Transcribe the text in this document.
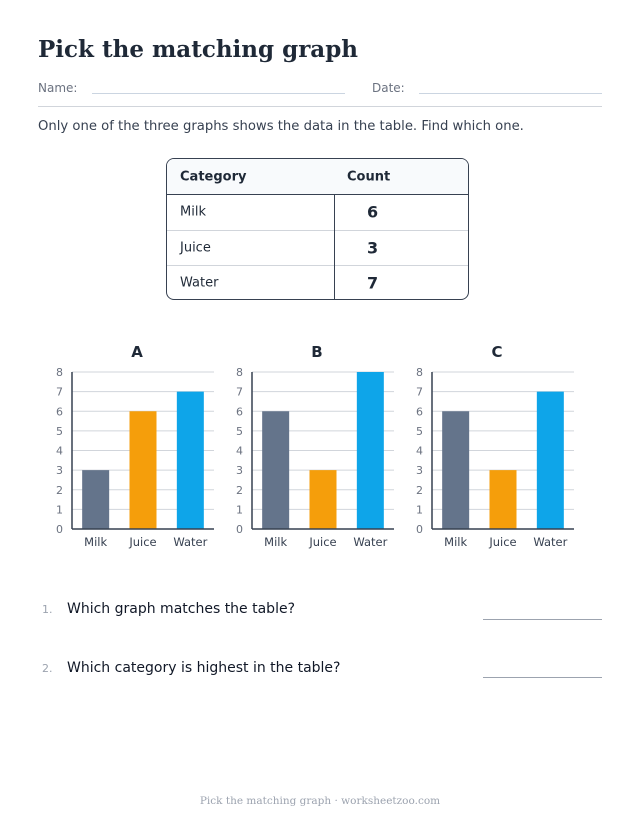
Pick the matching graph
Name:	Date:

Only one of the three graphs shows the data in the table. Find which one.

Category	Count
Milk	6
Juice	3
Water	7
A
0
1
2
3
4
5
6
7
8
Milk Juice Water
B
0
1
2
3
4
5
6
7
8
Milk Juice Water
C
0
1
2
3
4
5
6
7
8
Milk Juice Water
1. Which graph matches the table?
2. Which category is highest in the table?
Pick the matching graph · worksheetzoo.com
